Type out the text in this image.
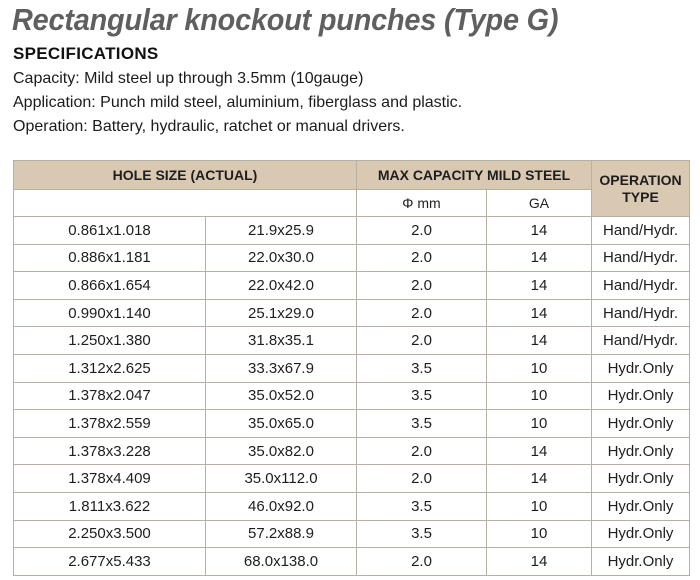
Rectangular knockout punches (Type G)
SPECIFICATIONS
Capacity: Mild steel up through 3.5mm (10gauge)
Application: Punch mild steel, aluminium, fiberglass and plastic.
Operation: Battery, hydraulic, ratchet or manual drivers.
HOLE SIZE (ACTUAL)		MAX CAPACITY MILD STEEL		OPERATION TYPE
		Φ mm	GA	
0.861x1.018	21.9x25.9	2.0	14	Hand/Hydr.
0.886x1.181	22.0x30.0	2.0	14	Hand/Hydr.
0.866x1.654	22.0x42.0	2.0	14	Hand/Hydr.
0.990x1.140	25.1x29.0	2.0	14	Hand/Hydr.
1.250x1.380	31.8x35.1	2.0	14	Hand/Hydr.
1.312x2.625	33.3x67.9	3.5	10	Hydr.Only
1.378x2.047	35.0x52.0	3.5	10	Hydr.Only
1.378x2.559	35.0x65.0	3.5	10	Hydr.Only
1.378x3.228	35.0x82.0	2.0	14	Hydr.Only
1.378x4.409	35.0x112.0	2.0	14	Hydr.Only
1.811x3.622	46.0x92.0	3.5	10	Hydr.Only
2.250x3.500	57.2x88.9	3.5	10	Hydr.Only
2.677x5.433	68.0x138.0	2.0	14	Hydr.Only
